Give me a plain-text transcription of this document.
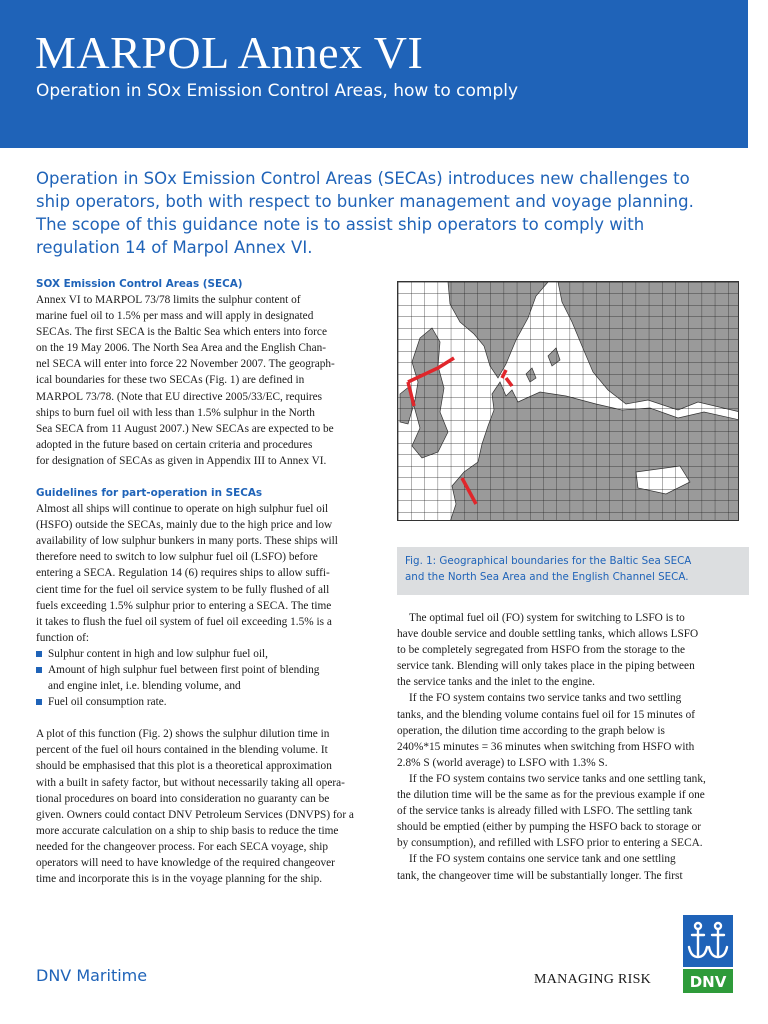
MARPOL Annex VI
Operation in SOx Emission Control Areas, how to comply
Operation in SOx Emission Control Areas (SECAs) introduces new challenges to
ship operators, both with respect to bunker management and voyage planning.
The scope of this guidance note is to assist ship operators to comply with
regulation 14 of Marpol Annex VI.
SOX Emission Control Areas (SECA)
Annex VI to MARPOL 73/78 limits the sulphur content of
marine fuel oil to 1.5% per mass and will apply in designated
SECAs. The first SECA is the Baltic Sea which enters into force
on the 19 May 2006. The North Sea Area and the English Chan-
nel SECA will enter into force 22 November 2007. The geograph-
ical boundaries for these two SECAs (Fig. 1) are defined in
MARPOL 73/78. (Note that EU directive 2005/33/EC, requires
ships to burn fuel oil with less than 1.5% sulphur in the North
Sea SECA from 11 August 2007.) New SECAs are expected to be
adopted in the future based on certain criteria and procedures
for designation of SECAs as given in Appendix III to Annex VI.
Guidelines for part-operation in SECAs
Almost all ships will continue to operate on high sulphur fuel oil
(HSFO) outside the SECAs, mainly due to the high price and low
availability of low sulphur bunkers in many ports. These ships will
therefore need to switch to low sulphur fuel oil (LSFO) before
entering a SECA. Regulation 14 (6) requires ships to allow suffi-
cient time for the fuel oil service system to be fully flushed of all
fuels exceeding 1.5% sulphur prior to entering a SECA. The time
it takes to flush the fuel oil system of fuel oil exceeding 1.5% is a
function of:
Sulphur content in high and low sulphur fuel oil,
Amount of high sulphur fuel between first point of blending
and engine inlet, i.e. blending volume, and
Fuel oil consumption rate.
A plot of this function (Fig. 2) shows the sulphur dilution time in
percent of the fuel oil hours contained in the blending volume. It
should be emphasised that this plot is a theoretical approximation
with a built in safety factor, but without necessarily taking all opera-
tional procedures on board into consideration no guaranty can be
given. Owners could contact DNV Petroleum Services (DNVPS) for a
more accurate calculation on a ship to ship basis to reduce the time
needed for the changeover process. For each SECA voyage, ship
operators will need to have knowledge of the required changeover
time and incorporate this is in the voyage planning for the ship.
Fig. 1: Geographical boundaries for the Baltic Sea SECA
and the North Sea Area and the English Channel SECA.
The optimal fuel oil (FO) system for switching to LSFO is to
have double service and double settling tanks, which allows LSFO
to be completely segregated from HSFO from the storage to the
service tank. Blending will only takes place in the piping between
the service tanks and the inlet to the engine.
If the FO system contains two service tanks and two settling
tanks, and the blending volume contains fuel oil for 15 minutes of
operation, the dilution time according to the graph below is
240%*15 minutes = 36 minutes when switching from HSFO with
2.8% S (world average) to LSFO with 1.3% S.
If the FO system contains two service tanks and one settling tank,
the dilution time will be the same as for the previous example if one
of the service tanks is already filled with LSFO. The settling tank
should be emptied (either by pumping the HSFO back to storage or
by consumption), and refilled with LSFO prior to entering a SECA.
If the FO system contains one service tank and one settling
tank, the changeover time will be substantially longer. The first
DNV Maritime	MANAGING RISK	DNV
